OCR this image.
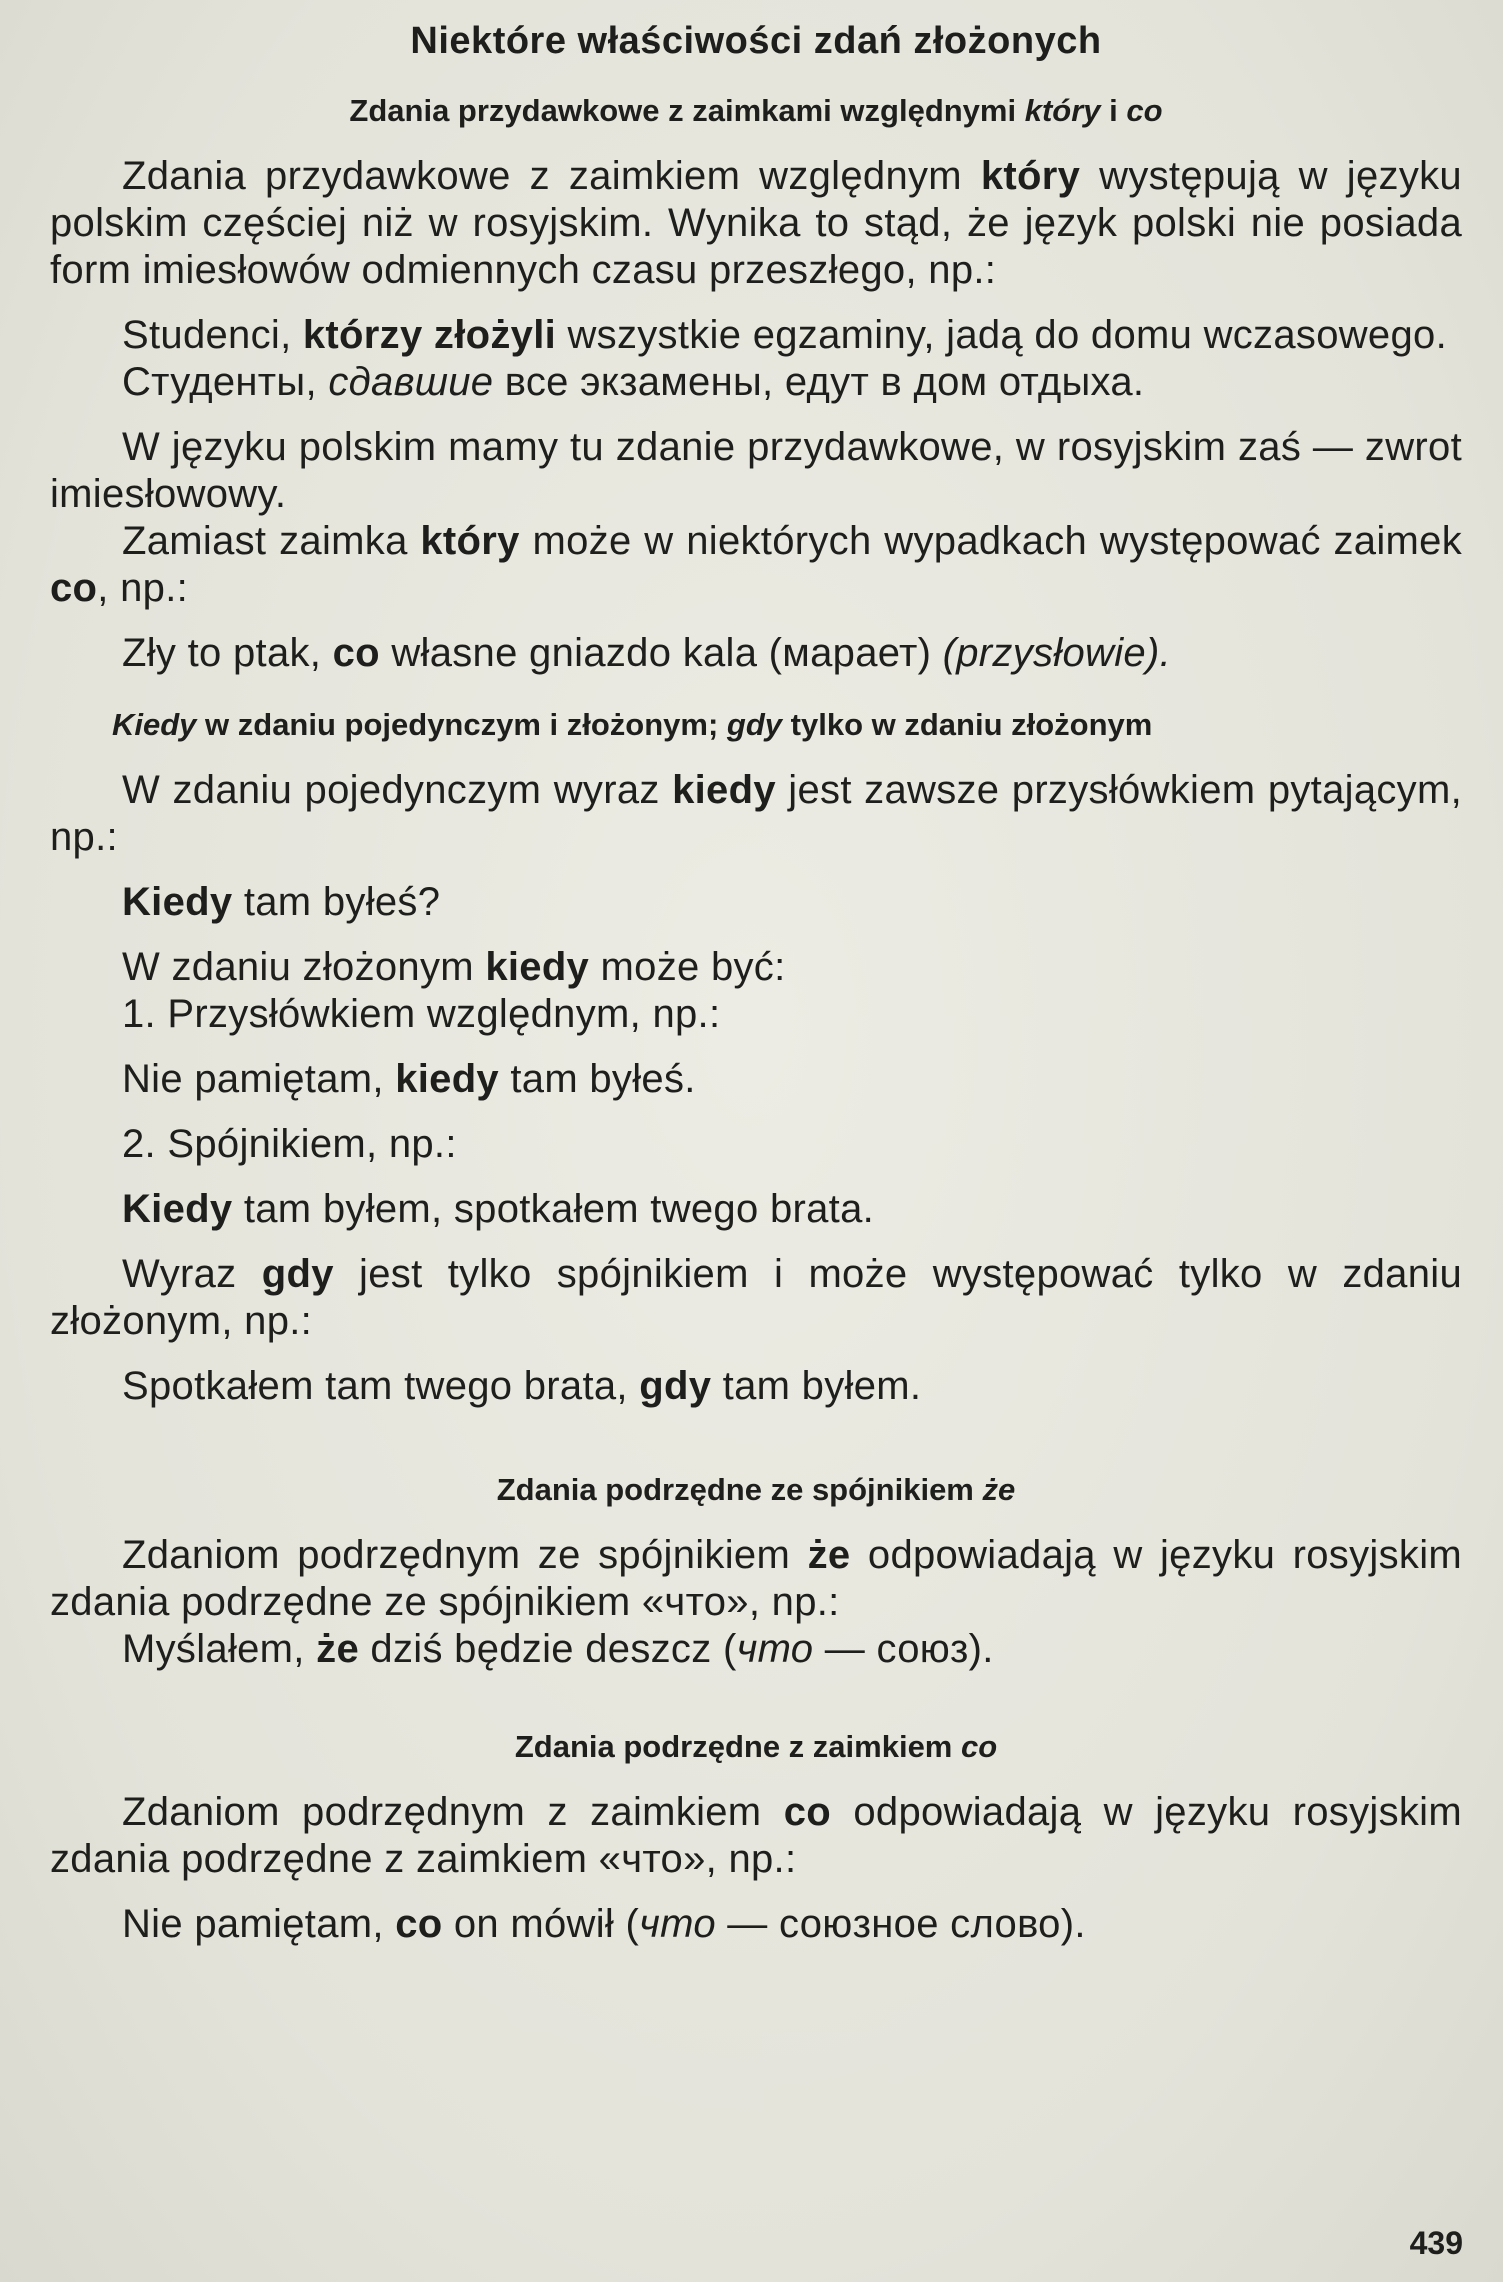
Niektóre właściwości zdań złożonych
Zdania przydawkowe z zaimkami względnymi który i co

Zdania przydawkowe z zaimkiem względnym który występują w języku polskim częściej niż w rosyjskim. Wynika to stąd, że język polski nie posiada form imiesłowów odmiennych czasu przeszłego, np.:

Studenci, którzy złożyli wszystkie egzaminy, jadą do domu wczasowego.

Студенты, сдавшие все экзамены, едут в дом отдыха.

W języku polskim mamy tu zdanie przydawkowe, w rosyjskim zaś — zwrot imiesłowowy.

Zamiast zaimka który może w niektórych wypadkach występować zaimek co, np.:

Zły to ptak, co własne gniazdo kala (марает) (przysłowie).

Kiedy w zdaniu pojedynczym i złożonym; gdy tylko w zdaniu złożonym

W zdaniu pojedynczym wyraz kiedy jest zawsze przysłówkiem pytającym, np.:

Kiedy tam byłeś?

W zdaniu złożonym kiedy może być:

1. Przysłówkiem względnym, np.:

Nie pamiętam, kiedy tam byłeś.

2. Spójnikiem, np.:

Kiedy tam byłem, spotkałem twego brata.

Wyraz gdy jest tylko spójnikiem i może występować tylko w zdaniu złożonym, np.:

Spotkałem tam twego brata, gdy tam byłem.

Zdania podrzędne ze spójnikiem że

Zdaniom podrzędnym ze spójnikiem że odpowiadają w języku rosyjskim zdania podrzędne ze spójnikiem «что», np.:

Myślałem, że dziś będzie deszcz (что — союз).

Zdania podrzędne z zaimkiem co

Zdaniom podrzędnym z zaimkiem co odpowiadają w języku rosyjskim zdania podrzędne z zaimkiem «что», np.:

Nie pamiętam, co on mówił (что — союзное слово).

439
